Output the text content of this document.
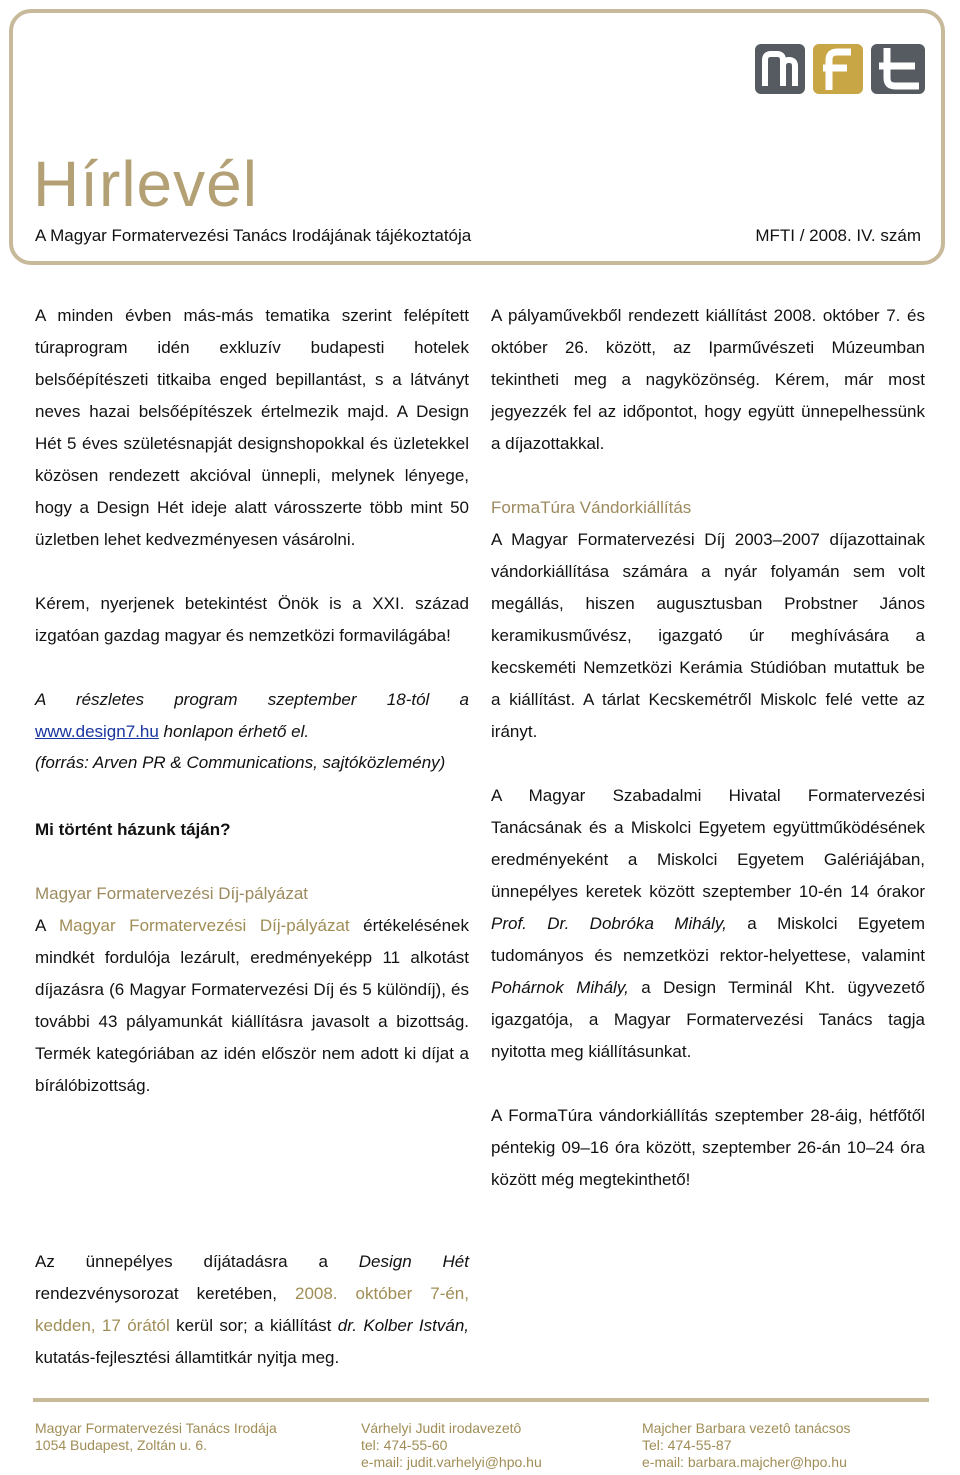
Hírlevél
A Magyar Formatervezési Tanács Irodájának tájékoztatója	MFTI / 2008. IV. szám

A minden évben más-más tematika szerint felépített túraprogram idén exkluzív budapesti hotelek belsőépítészeti titkaiba enged bepillantást, s a látványt neves hazai belsőépítészek értelmezik majd. A Design Hét 5 éves születésnapját designshopokkal és üzletekkel közösen rendezett akcióval ünnepli, melynek lényege, hogy a Design Hét ideje alatt városszerte több mint 50 üzletben lehet kedvezményesen vásárolni.

Kérem, nyerjenek betekintést Önök is a XXI. század izgatóan gazdag magyar és nemzetközi formavilágába!

A részletes program szeptember 18-tól a www.design7.hu honlapon érhető el.

(forrás: Arven PR & Communications, sajtóközlemény)

Mi történt házunk táján?

Magyar Formatervezési Díj-pályázat

A Magyar Formatervezési Díj-pályázat értékelésének mindkét fordulója lezárult, eredményeképp 11 alkotást díjazásra (6 Magyar Formatervezési Díj és 5 különdíj), és további 43 pályamunkát kiállításra javasolt a bizottság. Termék kategóriában az idén először nem adott ki díjat a bírálóbizottság.

Az ünnepélyes díjátadásra a Design Hét rendezvénysorozat keretében, 2008. október 7-én, kedden, 17 órától kerül sor; a kiállítást dr. Kolber István, kutatás-fejlesztési államtitkár nyitja meg.

A pályaművekből rendezett kiállítást 2008. október 7. és október 26. között, az Iparművészeti Múzeumban tekintheti meg a nagyközönség. Kérem, már most jegyezzék fel az időpontot, hogy együtt ünnepelhessünk a díjazottakkal.

FormaTúra Vándorkiállítás

A Magyar Formatervezési Díj 2003–2007 díjazottainak vándorkiállítása számára a nyár folyamán sem volt megállás, hiszen augusztusban Probstner János keramikusművész, igazgató úr meghívására a kecskeméti Nemzetközi Kerámia Stúdióban mutattuk be a kiállítást. A tárlat Kecskemétről Miskolc felé vette az irányt.

A Magyar Szabadalmi Hivatal Formatervezési Tanácsának és a Miskolci Egyetem együttműködésének eredményeként a Miskolci Egyetem Galériájában, ünnepélyes keretek között szeptember 10-én 14 órakor Prof. Dr. Dobróka Mihály, a Miskolci Egyetem tudományos és nemzetközi rektor-helyettese, valamint Pohárnok Mihály, a Design Terminál Kht. ügyvezető igazgatója, a Magyar Formatervezési Tanács tagja nyitotta meg kiállításunkat.

A FormaTúra vándorkiállítás szeptember 28-áig, hétfőtől péntekig 09–16 óra között, szeptember 26-án 10–24 óra között még megtekinthető!

Magyar Formatervezési Tanács Irodája
1054 Budapest, Zoltán u. 6.
Várhelyi Judit irodavezetô
tel: 474-55-60
e-mail: judit.varhelyi@hpo.hu
Majcher Barbara vezetô tanácsos
Tel: 474-55-87
e-mail: barbara.majcher@hpo.hu
